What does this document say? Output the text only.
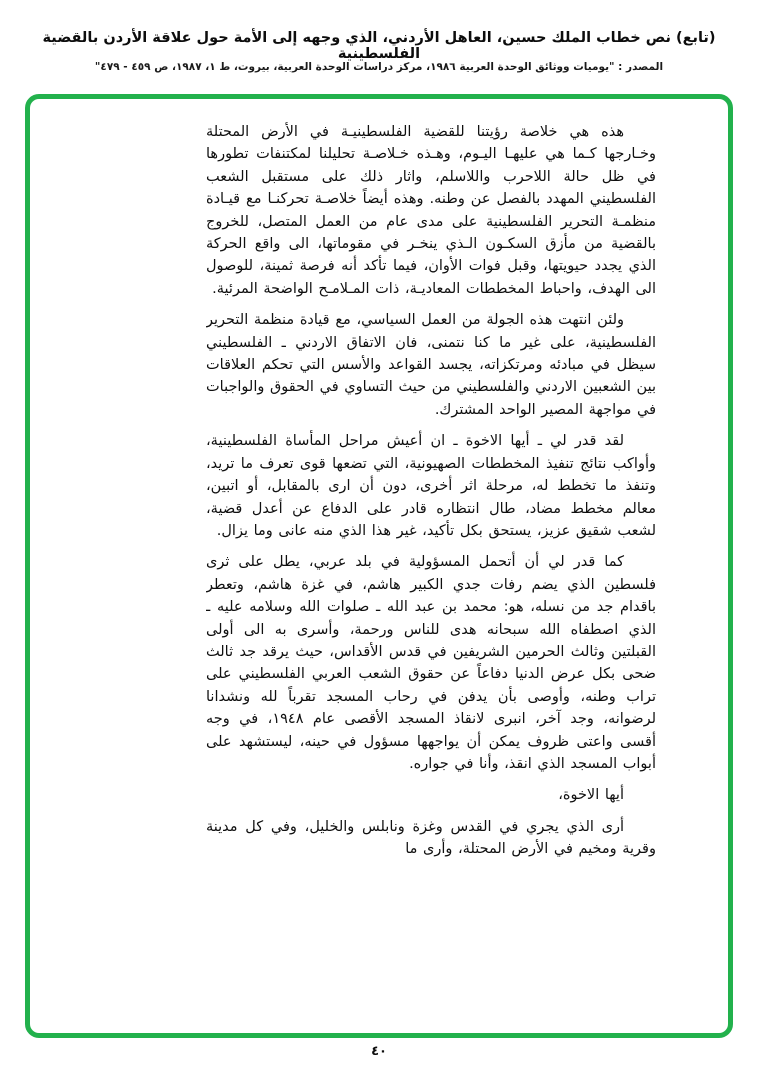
(تابع) نص خطاب الملك حسين، العاهل الأردني، الذي وجهه إلى الأمة حول علاقة الأردن بالقضية الفلسطينية
المصدر : "يوميات ووثائق الوحدة العربية ١٩٨٦، مركز دراسات الوحدة العربية، بيروت، ط ١، ١٩٨٧، ص ٤٥٩ - ٤٧٩"

هذه هي خلاصة رؤيتنا للقضية الفلسطينيـة في الأرض المحتلة وخـارجها كـما هي عليهـا اليـوم، وهـذه خـلاصـة تحليلنا لمكتنفات تطورها في ظل حالة اللاحرب واللاسلم، واثار ذلك على مستقبل الشعب الفلسطيني المهدد بالفصل عن وطنه. وهذه أيضاً خلاصـة تحركنـا مع قيـادة منظمـة التحرير الفلسطينية على مدى عام من العمل المتصل، للخروج بالقضية من مأزق السكـون الـذي ينخـر في مقوماتها، الى واقع الحركة الذي يجدد حيويتها، وقبل فوات الأوان، فيما تأكد أنه فرصة ثمينة، للوصول الى الهدف، واحباط المخططات المعاديـة، ذات المـلامـح الواضحة المرئية.

ولئن انتهت هذه الجولة من العمل السياسي، مع قيادة منظمة التحرير الفلسطينية، على غير ما كنا نتمنى، فان الاتفاق الاردني ـ الفلسطيني سيظل في مبادئه ومرتكزاته، يجسد القواعد والأسس التي تحكم العلاقات بين الشعبين الاردني والفلسطيني من حيث التساوي في الحقوق والواجبات في مواجهة المصير الواحد المشترك.

لقد قدر لي ـ أيها الاخوة ـ ان أعيش مراحل المأساة الفلسطينية، وأواكب نتائج تنفيذ المخططات الصهيونية، التي تضعها قوى تعرف ما تريد، وتنفذ ما تخطط له، مرحلة اثر أخرى، دون أن ارى بالمقابل، أو اتبين، معالم مخطط مضاد، طال انتظاره قادر على الدفاع عن أعدل قضية، لشعب شقيق عزيز، يستحق بكل تأكيد، غير هذا الذي منه عانى وما يزال.

كما قدر لي أن أتحمل المسؤولية في بلد عربي، يطل على ثرى فلسطين الذي يضم رفات جدي الكبير هاشم، في غزة هاشم، وتعطر باقدام جد من نسله، هو: محمد بن عبد الله ـ صلوات الله وسلامه عليه ـ الذي اصطفاه الله سبحانه هدى للناس ورحمة، وأسرى به الى أولى القبلتين وثالث الحرمين الشريفين في قدس الأقداس، حيث يرقد جد ثالث ضحى بكل عرض الدنيا دفاعاً عن حقوق الشعب العربي الفلسطيني على تراب وطنه، وأوصى بأن يدفن في رحاب المسجد تقرباً لله ونشدانا لرضوانه، وجد آخر، انبرى لانقاذ المسجد الأقصى عام ١٩٤٨، في وجه أقسى واعتى ظروف يمكن أن يواجهها مسؤول في حينه، ليستشهد على أبواب المسجد الذي انقذ، وأنا في جواره.

أيها الاخوة،

أرى الذي يجري في القدس وغزة ونابلس والخليل، وفي كل مدينة وقرية ومخيم في الأرض المحتلة، وأرى ما

٤٠
